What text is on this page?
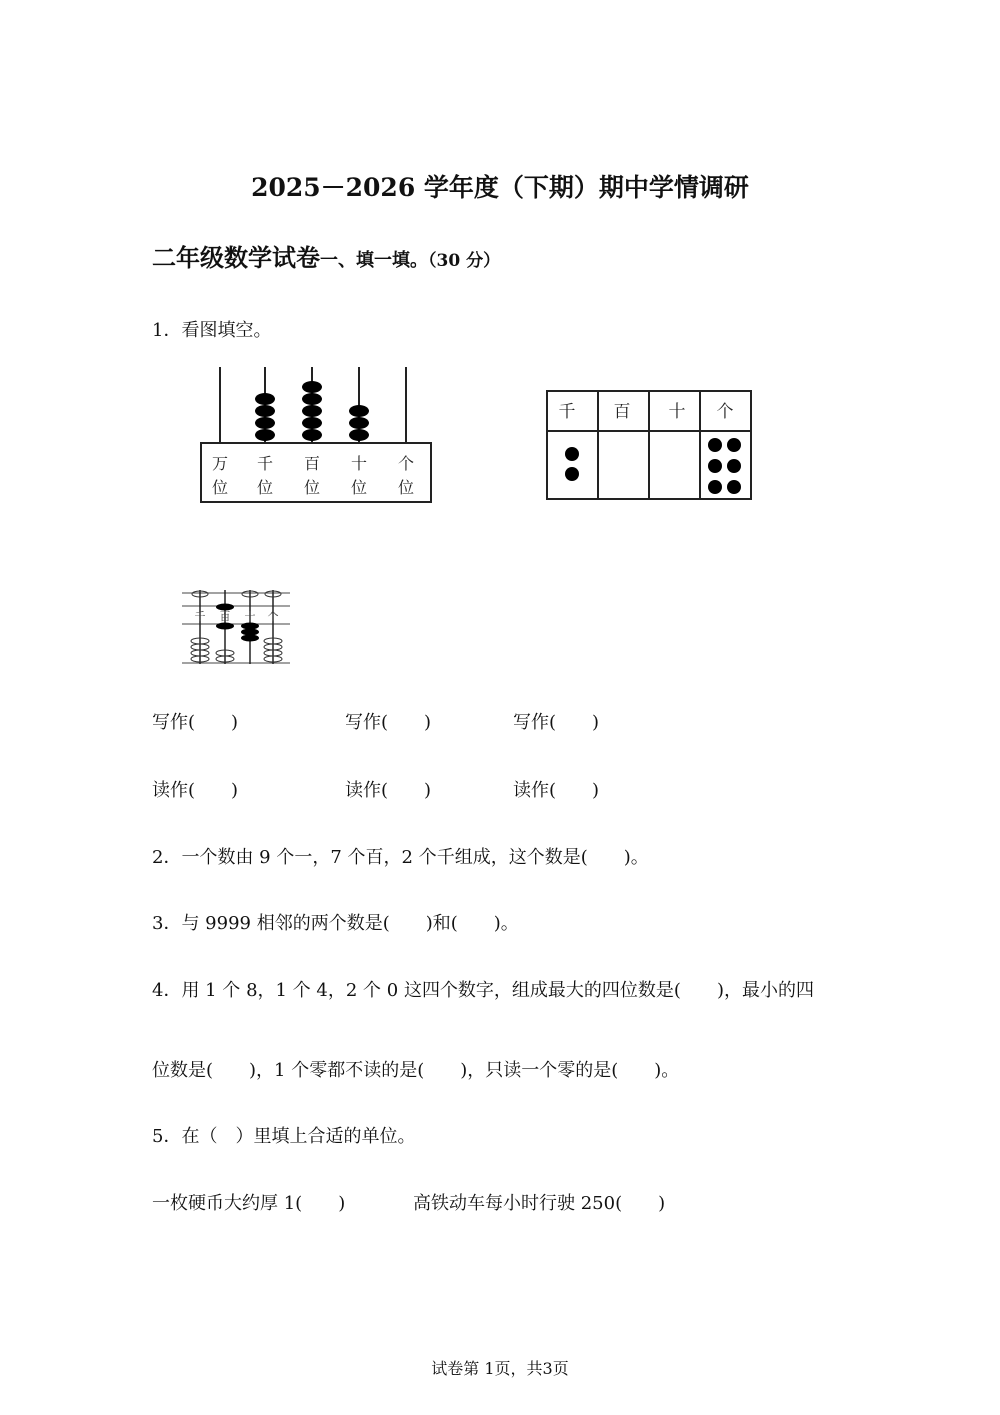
2025－2026 学年度（下期）期中学情调研
二年级数学试卷一、填一填。（30 分）
1．看图填空。
万
位
千
位
百
位
十
位
个
位
千 百 十 个
千 百 十 个
写作(　　)	写作(　　)	写作(　　)
读作(　　)	读作(　　)	读作(　　)
2．一个数由 9 个一，7 个百，2 个千组成，这个数是(　　)。
3．与 9999 相邻的两个数是(　　)和(　　)。
4．用 1 个 8，1 个 4，2 个 0 这四个数字，组成最大的四位数是(　　)，最小的四
位数是(　　)，1 个零都不读的是(　　)，只读一个零的是(　　)。
5．在（　）里填上合适的单位。
一枚硬币大约厚 1(　　)	高铁动车每小时行驶 250(　　)
试卷第 1页，共3页
